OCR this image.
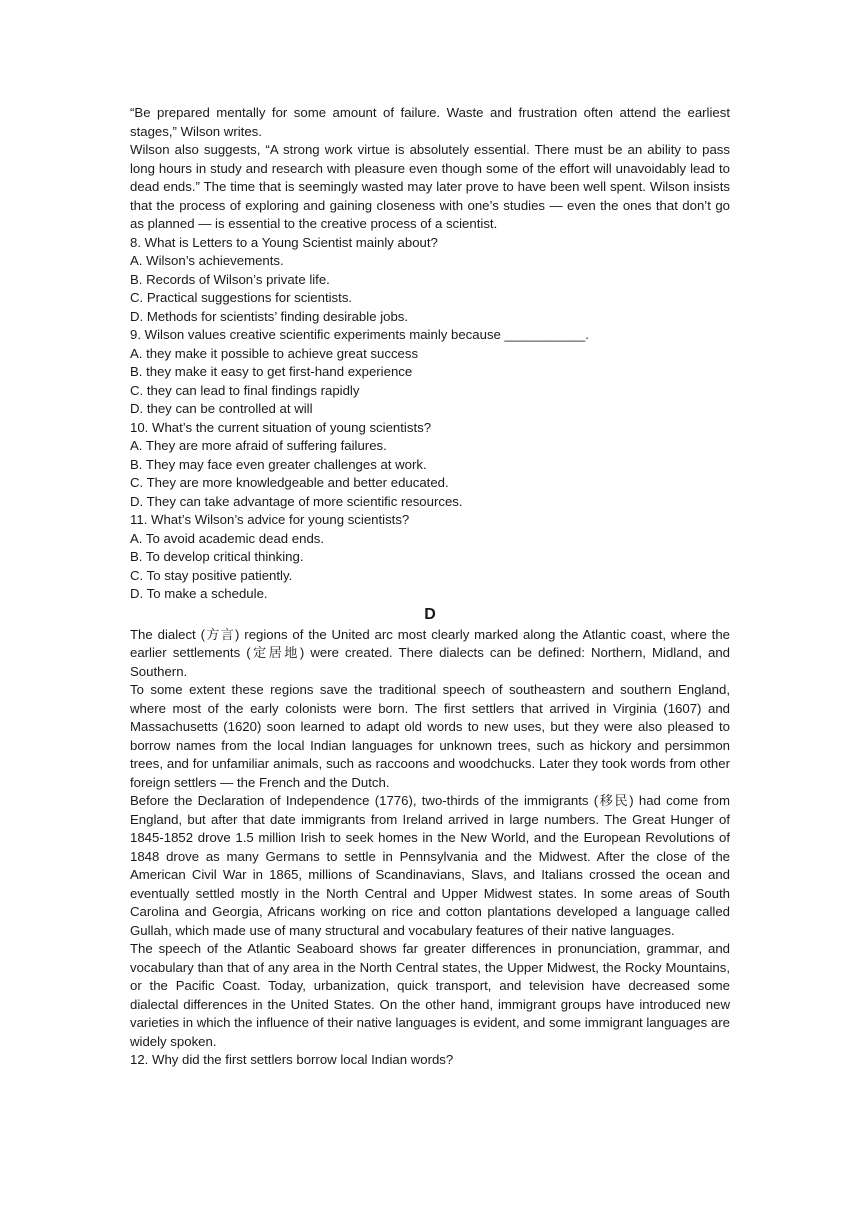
“Be prepared mentally for some amount of failure. Waste and frustration often attend the earliest stages,” Wilson writes.

Wilson also suggests, “A strong work virtue is absolutely essential. There must be an ability to pass long hours in study and research with pleasure even though some of the effort will unavoidably lead to dead ends.” The time that is seemingly wasted may later prove to have been well spent. Wilson insists that the process of exploring and gaining closeness with one’s studies — even the ones that don’t go as planned — is essential to the creative process of a scientist.

8. What is Letters to a Young Scientist mainly about?

A. Wilson’s achievements.

B. Records of Wilson’s private life.

C. Practical suggestions for scientists.

D. Methods for scientists’ finding desirable jobs.

9. Wilson values creative scientific experiments mainly because ___________.

A. they make it possible to achieve great success

B. they make it easy to get first-hand experience

C. they can lead to final findings rapidly

D. they can be controlled at will

10. What’s the current situation of young scientists?

A. They are more afraid of suffering failures.

B. They may face even greater challenges at work.

C. They are more knowledgeable and better educated.

D. They can take advantage of more scientific resources.

11. What’s Wilson’s advice for young scientists?

A. To avoid academic dead ends.

B. To develop critical thinking.

C. To stay positive patiently.

D. To make a schedule.

D

The dialect (方言) regions of the United arc most clearly marked along the Atlantic coast, where the earlier settlements (定居地) were created. There dialects can be defined: Northern, Midland, and Southern.

To some extent these regions save the traditional speech of southeastern and southern England, where most of the early colonists were born. The first settlers that arrived in Virginia (1607) and Massachusetts (1620) soon learned to adapt old words to new uses, but they were also pleased to borrow names from the local Indian languages for unknown trees, such as hickory and persimmon trees, and for unfamiliar animals, such as raccoons and woodchucks. Later they took words from other foreign settlers — the French and the Dutch.

Before the Declaration of Independence (1776), two-thirds of the immigrants (移民) had come from England, but after that date immigrants from Ireland arrived in large numbers. The Great Hunger of 1845-1852 drove 1.5 million Irish to seek homes in the New World, and the European Revolutions of 1848 drove as many Germans to settle in Pennsylvania and the Midwest. After the close of the American Civil War in 1865, millions of Scandinavians, Slavs, and Italians crossed the ocean and eventually settled mostly in the North Central and Upper Midwest states. In some areas of South Carolina and Georgia, Africans working on rice and cotton plantations developed a language called Gullah, which made use of many structural and vocabulary features of their native languages.

The speech of the Atlantic Seaboard shows far greater differences in pronunciation, grammar, and vocabulary than that of any area in the North Central states, the Upper Midwest, the Rocky Mountains, or the Pacific Coast. Today, urbanization, quick transport, and television have decreased some dialectal differences in the United States. On the other hand, immigrant groups have introduced new varieties in which the influence of their native languages is evident, and some immigrant languages are widely spoken.

12. Why did the first settlers borrow local Indian words?
